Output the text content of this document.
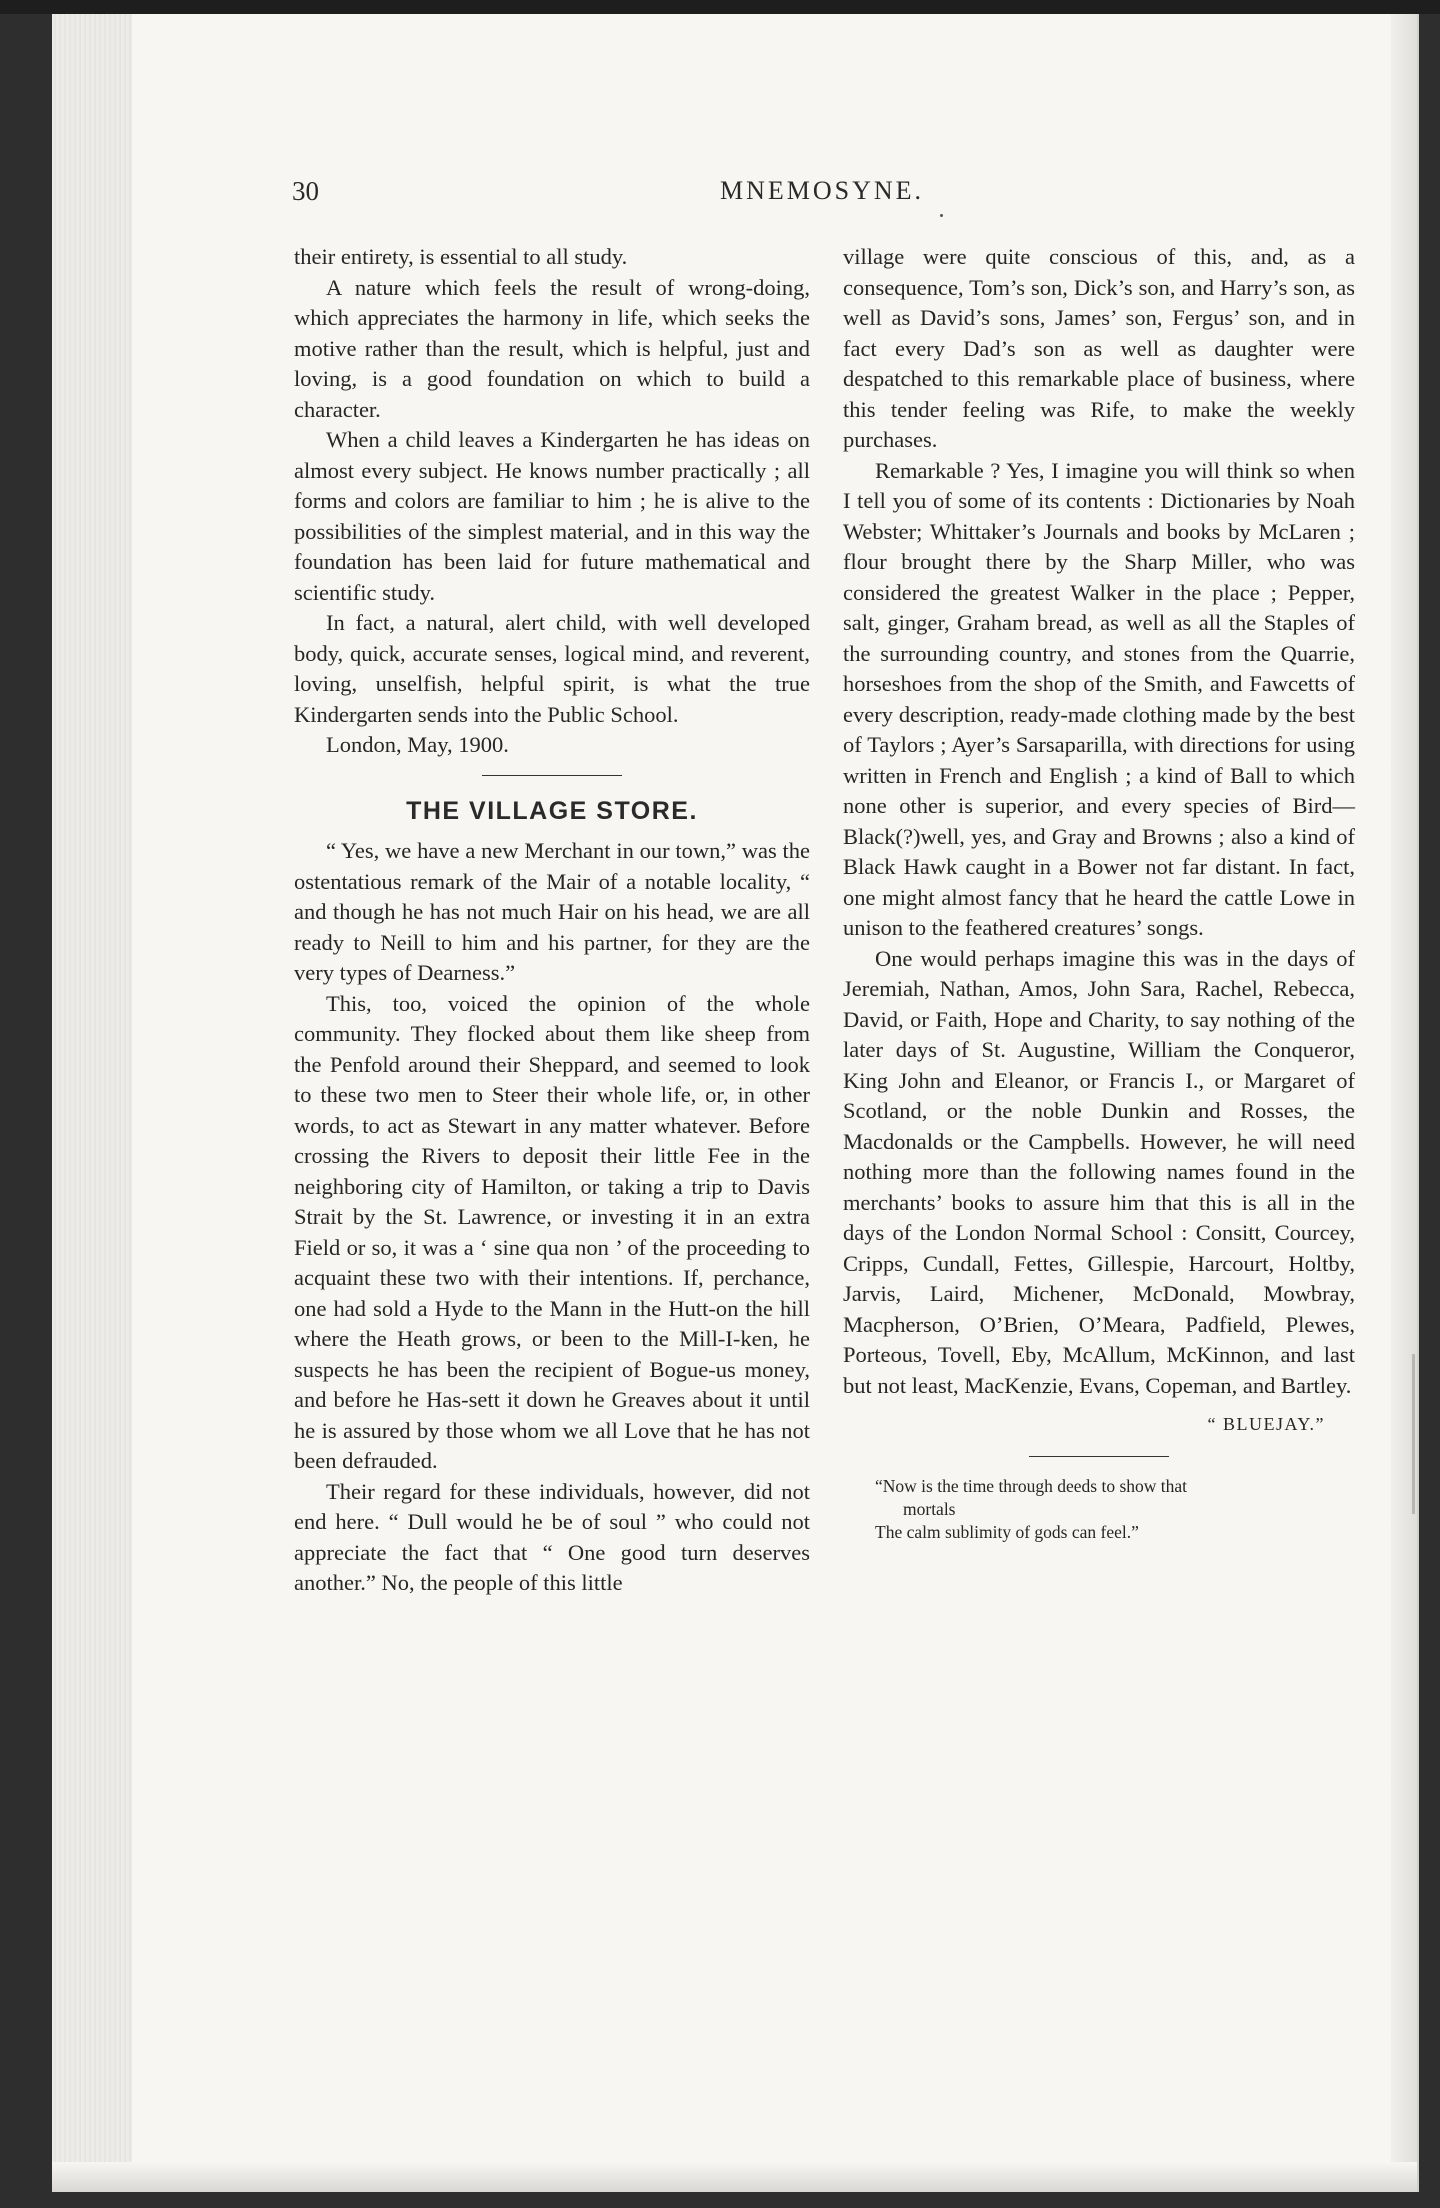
30	MNEMOSYNE.

their entirety, is essential to all study.

A nature which feels the result of wrong-doing, which appreciates the harmony in life, which seeks the motive rather than the result, which is helpful, just and loving, is a good foundation on which to build a character.

When a child leaves a Kindergarten he has ideas on almost every subject. He knows number practically ; all forms and colors are familiar to him ; he is alive to the possibilities of the simplest material, and in this way the foundation has been laid for future mathematical and scientific study.

In fact, a natural, alert child, with well developed body, quick, accurate senses, logical mind, and reverent, loving, unselfish, helpful spirit, is what the true Kindergarten sends into the Public School.

London, May, 1900.
THE VILLAGE STORE.

“ Yes, we have a new Merchant in our town,” was the ostentatious remark of the Mair of a notable locality, “ and though he has not much Hair on his head, we are all ready to Neill to him and his partner, for they are the very types of Dearness.”

This, too, voiced the opinion of the whole community. They flocked about them like sheep from the Penfold around their Sheppard, and seemed to look to these two men to Steer their whole life, or, in other words, to act as Stewart in any matter whatever. Before crossing the Rivers to deposit their little Fee in the neighboring city of Hamilton, or taking a trip to Davis Strait by the St. Lawrence, or investing it in an extra Field or so, it was a ‘ sine qua non ’ of the proceeding to acquaint these two with their intentions. If, perchance, one had sold a Hyde to the Mann in the Hutt-on the hill where the Heath grows, or been to the Mill-I-ken, he suspects he has been the recipient of Bogue-us money, and before he Has-sett it down he Greaves about it until he is assured by those whom we all Love that he has not been defrauded.

Their regard for these individuals, however, did not end here. “ Dull would he be of soul ” who could not appreciate the fact that “ One good turn deserves another.” No, the people of this little

village were quite conscious of this, and, as a consequence, Tom’s son, Dick’s son, and Harry’s son, as well as David’s sons, James’ son, Fergus’ son, and in fact every Dad’s son as well as daughter were despatched to this remarkable place of business, where this tender feeling was Rife, to make the weekly purchases.

Remarkable ? Yes, I imagine you will think so when I tell you of some of its contents : Dictionaries by Noah Webster; Whittaker’s Journals and books by McLaren ; flour brought there by the Sharp Miller, who was considered the greatest Walker in the place ; Pepper, salt, ginger, Graham bread, as well as all the Staples of the surrounding country, and stones from the Quarrie, horseshoes from the shop of the Smith, and Fawcetts of every description, ready-made clothing made by the best of Taylors ; Ayer’s Sarsaparilla, with directions for using written in French and English ; a kind of Ball to which none other is superior, and every species of Bird—Black(?)well, yes, and Gray and Browns ; also a kind of Black Hawk caught in a Bower not far distant. In fact, one might almost fancy that he heard the cattle Lowe in unison to the feathered creatures’ songs.

One would perhaps imagine this was in the days of Jeremiah, Nathan, Amos, John Sara, Rachel, Rebecca, David, or Faith, Hope and Charity, to say nothing of the later days of St. Augustine, William the Conqueror, King John and Eleanor, or Francis I., or Margaret of Scotland, or the noble Dunkin and Rosses, the Macdonalds or the Campbells. However, he will need nothing more than the following names found in the merchants’ books to assure him that this is all in the days of the London Normal School : Consitt, Courcey, Cripps, Cundall, Fettes, Gillespie, Harcourt, Holtby, Jarvis, Laird, Michener, McDonald, Mowbray, Macpherson, O’Brien, O’Meara, Padfield, Plewes, Porteous, Tovell, Eby, McAllum, McKinnon, and last but not least, MacKenzie, Evans, Copeman, and Bartley.

“ BLUEJAY.”

“Now is the time through deeds to show that

mortals

The calm sublimity of gods can feel.”
